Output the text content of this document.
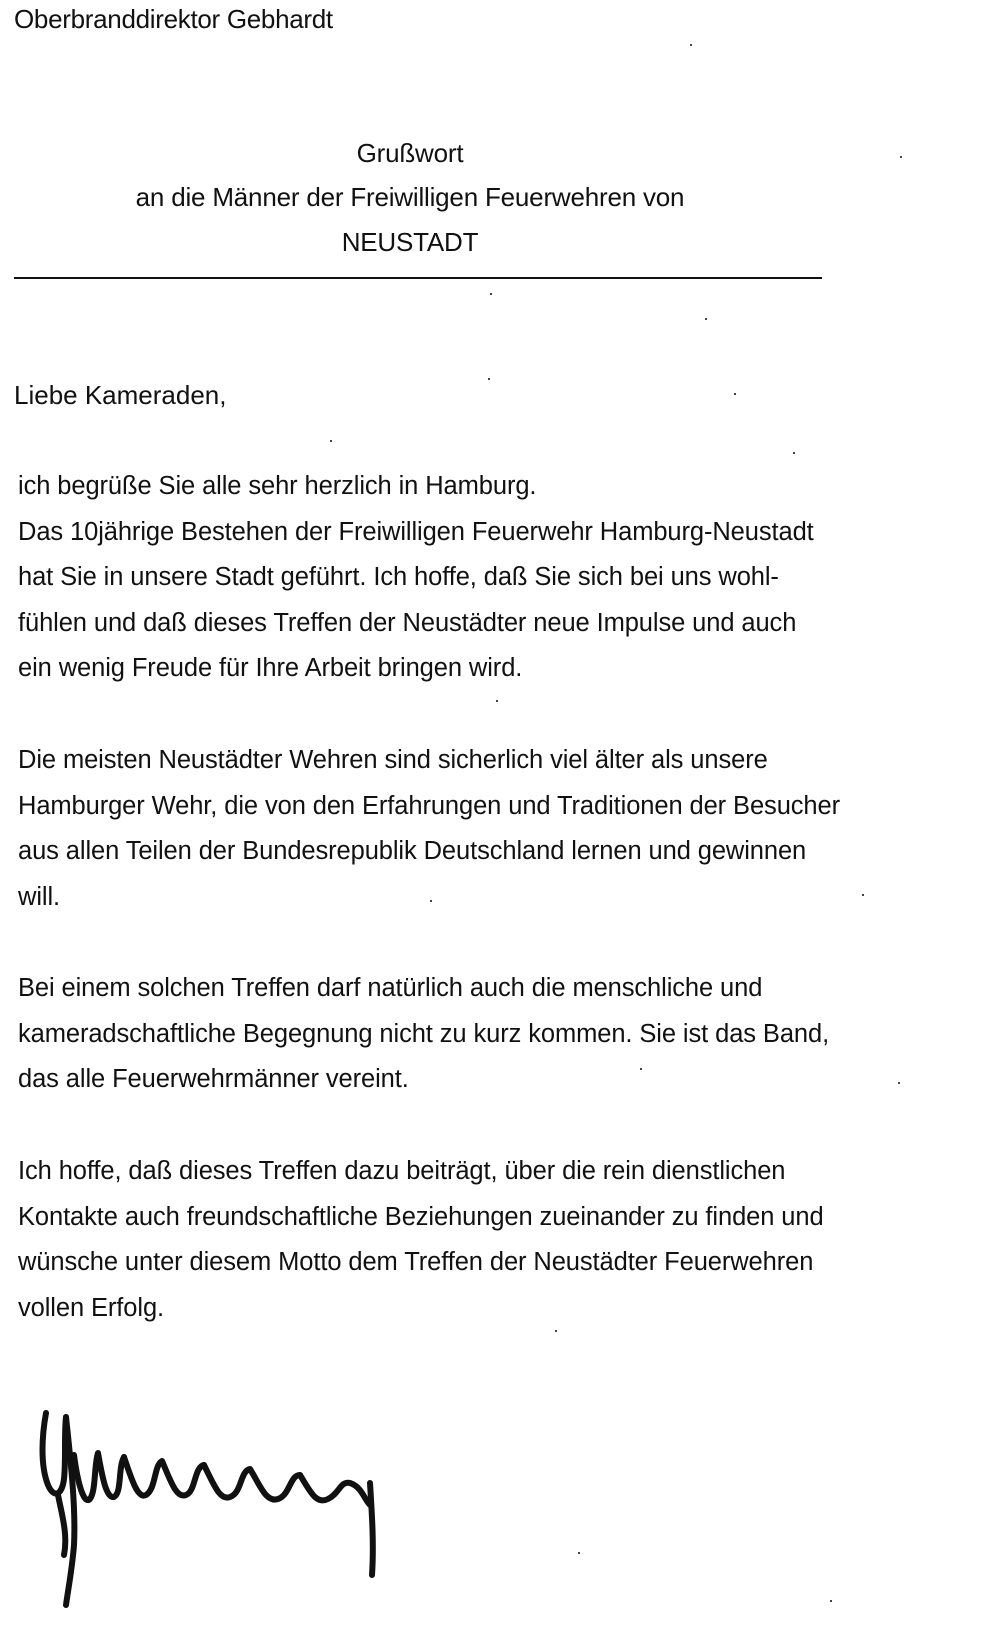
Oberbranddirektor Gebhardt
Grußwort
an die Männer der Freiwilligen Feuerwehren von
NEUSTADT
Liebe Kameraden,
ich begrüße Sie alle sehr herzlich in Hamburg.
Das 10jährige Bestehen der Freiwilligen Feuerwehr Hamburg-Neustadt
hat Sie in unsere Stadt geführt. Ich hoffe, daß Sie sich bei uns wohl-
fühlen und daß dieses Treffen der Neustädter neue Impulse und auch
ein wenig Freude für Ihre Arbeit bringen wird.
Die meisten Neustädter Wehren sind sicherlich viel älter als unsere
Hamburger Wehr, die von den Erfahrungen und Traditionen der Besucher
aus allen Teilen der Bundesrepublik Deutschland lernen und gewinnen
will.
Bei einem solchen Treffen darf natürlich auch die menschliche und
kameradschaftliche Begegnung nicht zu kurz kommen. Sie ist das Band,
das alle Feuerwehrmänner vereint.
Ich hoffe, daß dieses Treffen dazu beiträgt, über die rein dienstlichen
Kontakte auch freundschaftliche Beziehungen zueinander zu finden und
wünsche unter diesem Motto dem Treffen der Neustädter Feuerwehren
vollen Erfolg.
